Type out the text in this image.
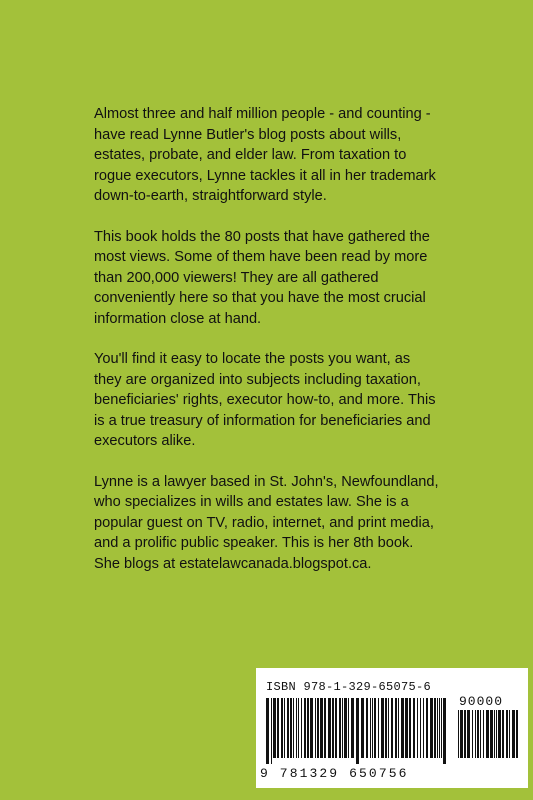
Almost three and half million people - and counting -
have read Lynne Butler's blog posts about wills,
estates, probate, and elder law. From taxation to
rogue executors, Lynne tackles it all in her trademark
down-to-earth, straightforward style.

This book holds the 80 posts that have gathered the
most views. Some of them have been read by more
than 200,000 viewers! They are all gathered
conveniently here so that you have the most crucial
information close at hand.

You'll find it easy to locate the posts you want, as
they are organized into subjects including taxation,
beneficiaries' rights, executor how-to, and more. This
is a true treasury of information for beneficiaries and
executors alike.

Lynne is a lawyer based in St. John's, Newfoundland,
who specializes in wills and estates law. She is a
popular guest on TV, radio, internet, and print media,
and a prolific public speaker. This is her 8th book.
She blogs at estatelawcanada.blogspot.ca.

ISBN 978-1-329-65075-6
90000
9 781329 650756
